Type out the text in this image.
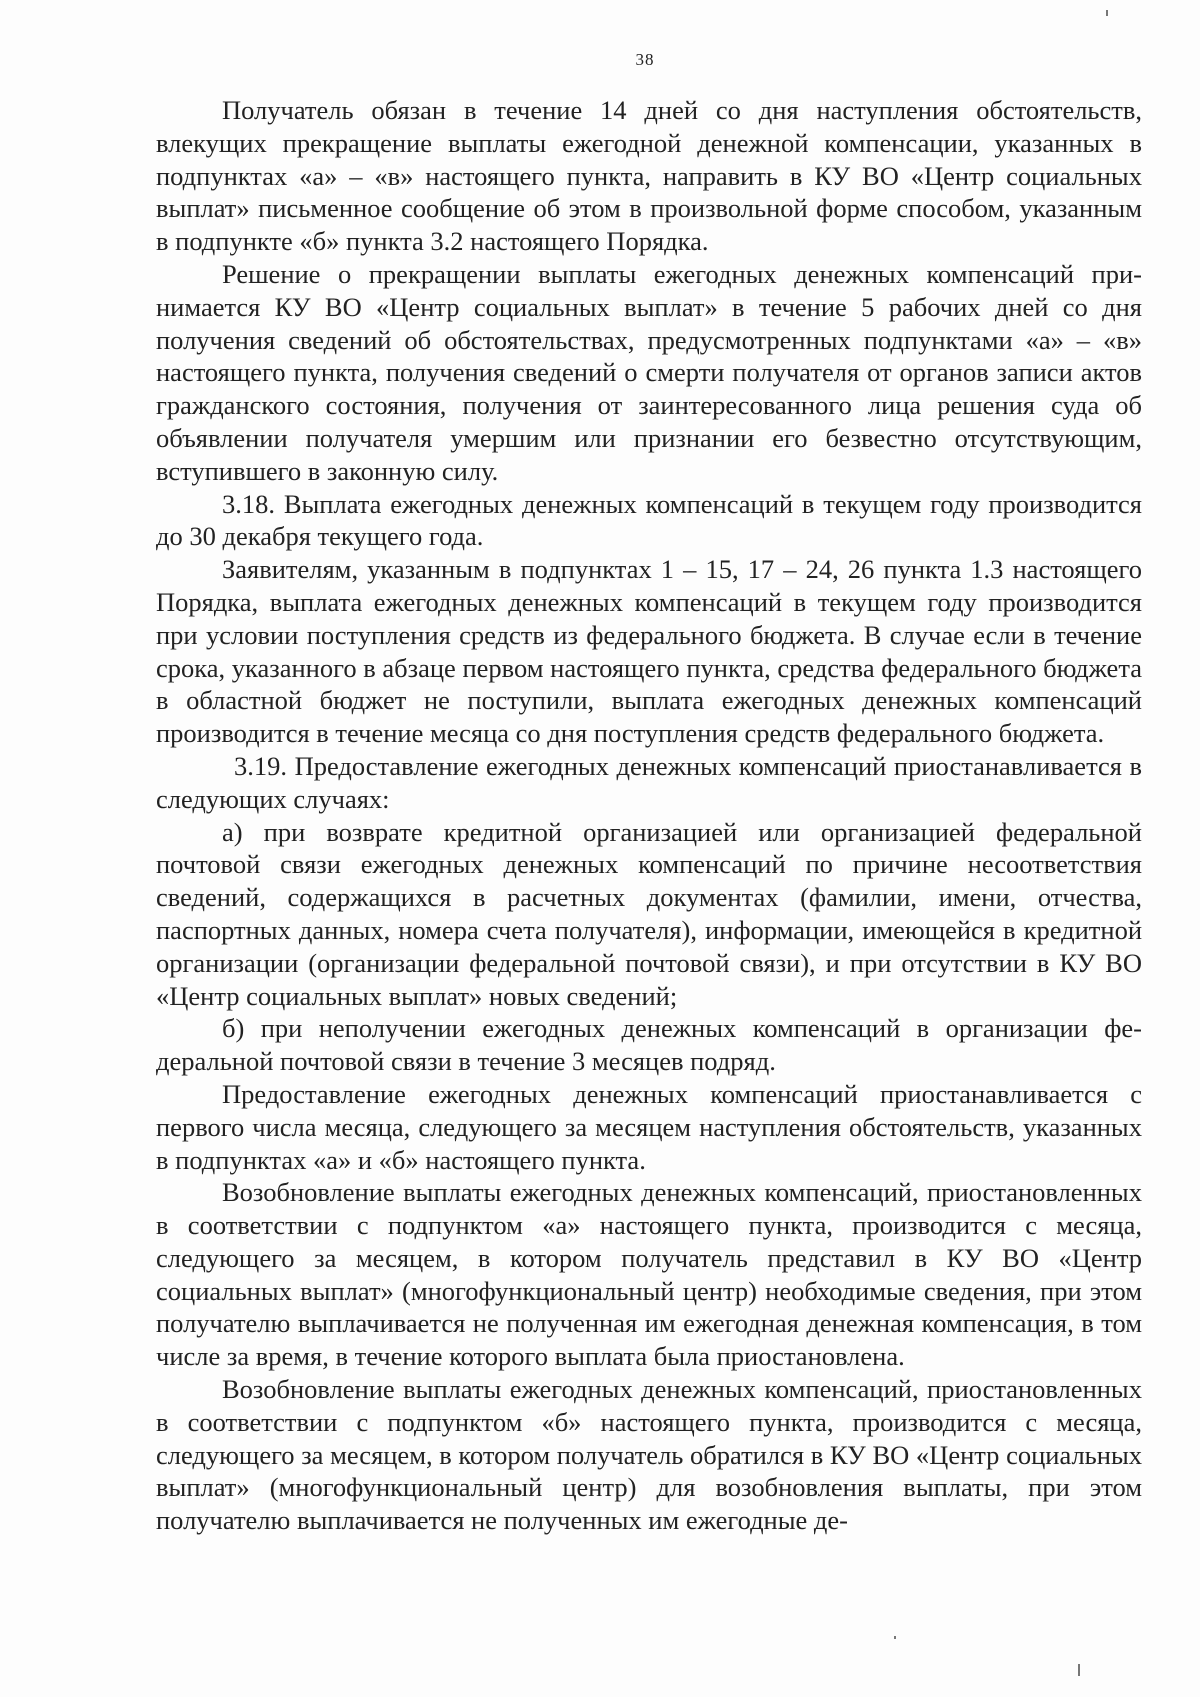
38

Получатель обязан в течение 14 дней со дня наступления обстоятельств, влекущих прекращение выплаты ежегодной денежной компенсации, указанных в подпунктах «а» – «в» настоящего пункта, направить в КУ ВО «Центр социальных выплат» письменное сообщение об этом в произвольной форме способом, указанным в подпункте «б» пункта 3.2 настоящего Порядка.

Решение о прекращении выплаты ежегодных денежных компенсаций принимается КУ ВО «Центр социальных выплат» в течение 5 рабочих дней со дня получения сведений об обстоятельствах, предусмотренных подпунктами «а» – «в» настоящего пункта, получения сведений о смерти получателя от органов записи актов гражданского состояния, получения от заинтересованного лица решения суда об объявлении получателя умершим или признании его безвестно отсутствующим, вступившего в законную силу.

3.18. Выплата ежегодных денежных компенсаций в текущем году производится до 30 декабря текущего года.

Заявителям, указанным в подпунктах 1 – 15, 17 – 24, 26 пункта 1.3 настоящего Порядка, выплата ежегодных денежных компенсаций в текущем году производится при условии поступления средств из федерального бюджета. В случае если в течение срока, указанного в абзаце первом настоящего пункта, средства федерального бюджета в областной бюджет не поступили, выплата ежегодных денежных компенсаций производится в течение месяца со дня поступления средств федерального бюджета.

3.19. Предоставление ежегодных денежных компенсаций приостанавливается в следующих случаях:

а) при возврате кредитной организацией или организацией федеральной почтовой связи ежегодных денежных компенсаций по причине несоответствия сведений, содержащихся в расчетных документах (фамилии, имени, отчества, паспортных данных, номера счета получателя), информации, имеющейся в кредитной организации (организации федеральной почтовой связи), и при отсутствии в КУ ВО «Центр социальных выплат» новых сведений;

б) при неполучении ежегодных денежных компенсаций в организации федеральной почтовой связи в течение 3 месяцев подряд.

Предоставление ежегодных денежных компенсаций приостанавливается с первого числа месяца, следующего за месяцем наступления обстоятельств, указанных в подпунктах «а» и «б» настоящего пункта.

Возобновление выплаты ежегодных денежных компенсаций, приостановленных в соответствии с подпунктом «а» настоящего пункта, производится с месяца, следующего за месяцем, в котором получатель представил в КУ ВО «Центр социальных выплат» (многофункциональный центр) необходимые сведения, при этом получателю выплачивается не полученная им ежегодная денежная компенсация, в том числе за время, в течение которого выплата была приостановлена.

Возобновление выплаты ежегодных денежных компенсаций, приостановленных в соответствии с подпунктом «б» настоящего пункта, производится с месяца, следующего за месяцем, в котором получатель обратился в КУ ВО «Центр социальных выплат» (многофункциональный центр) для возобновления выплаты, при этом получателю выплачивается не полученных им ежегодные де-
